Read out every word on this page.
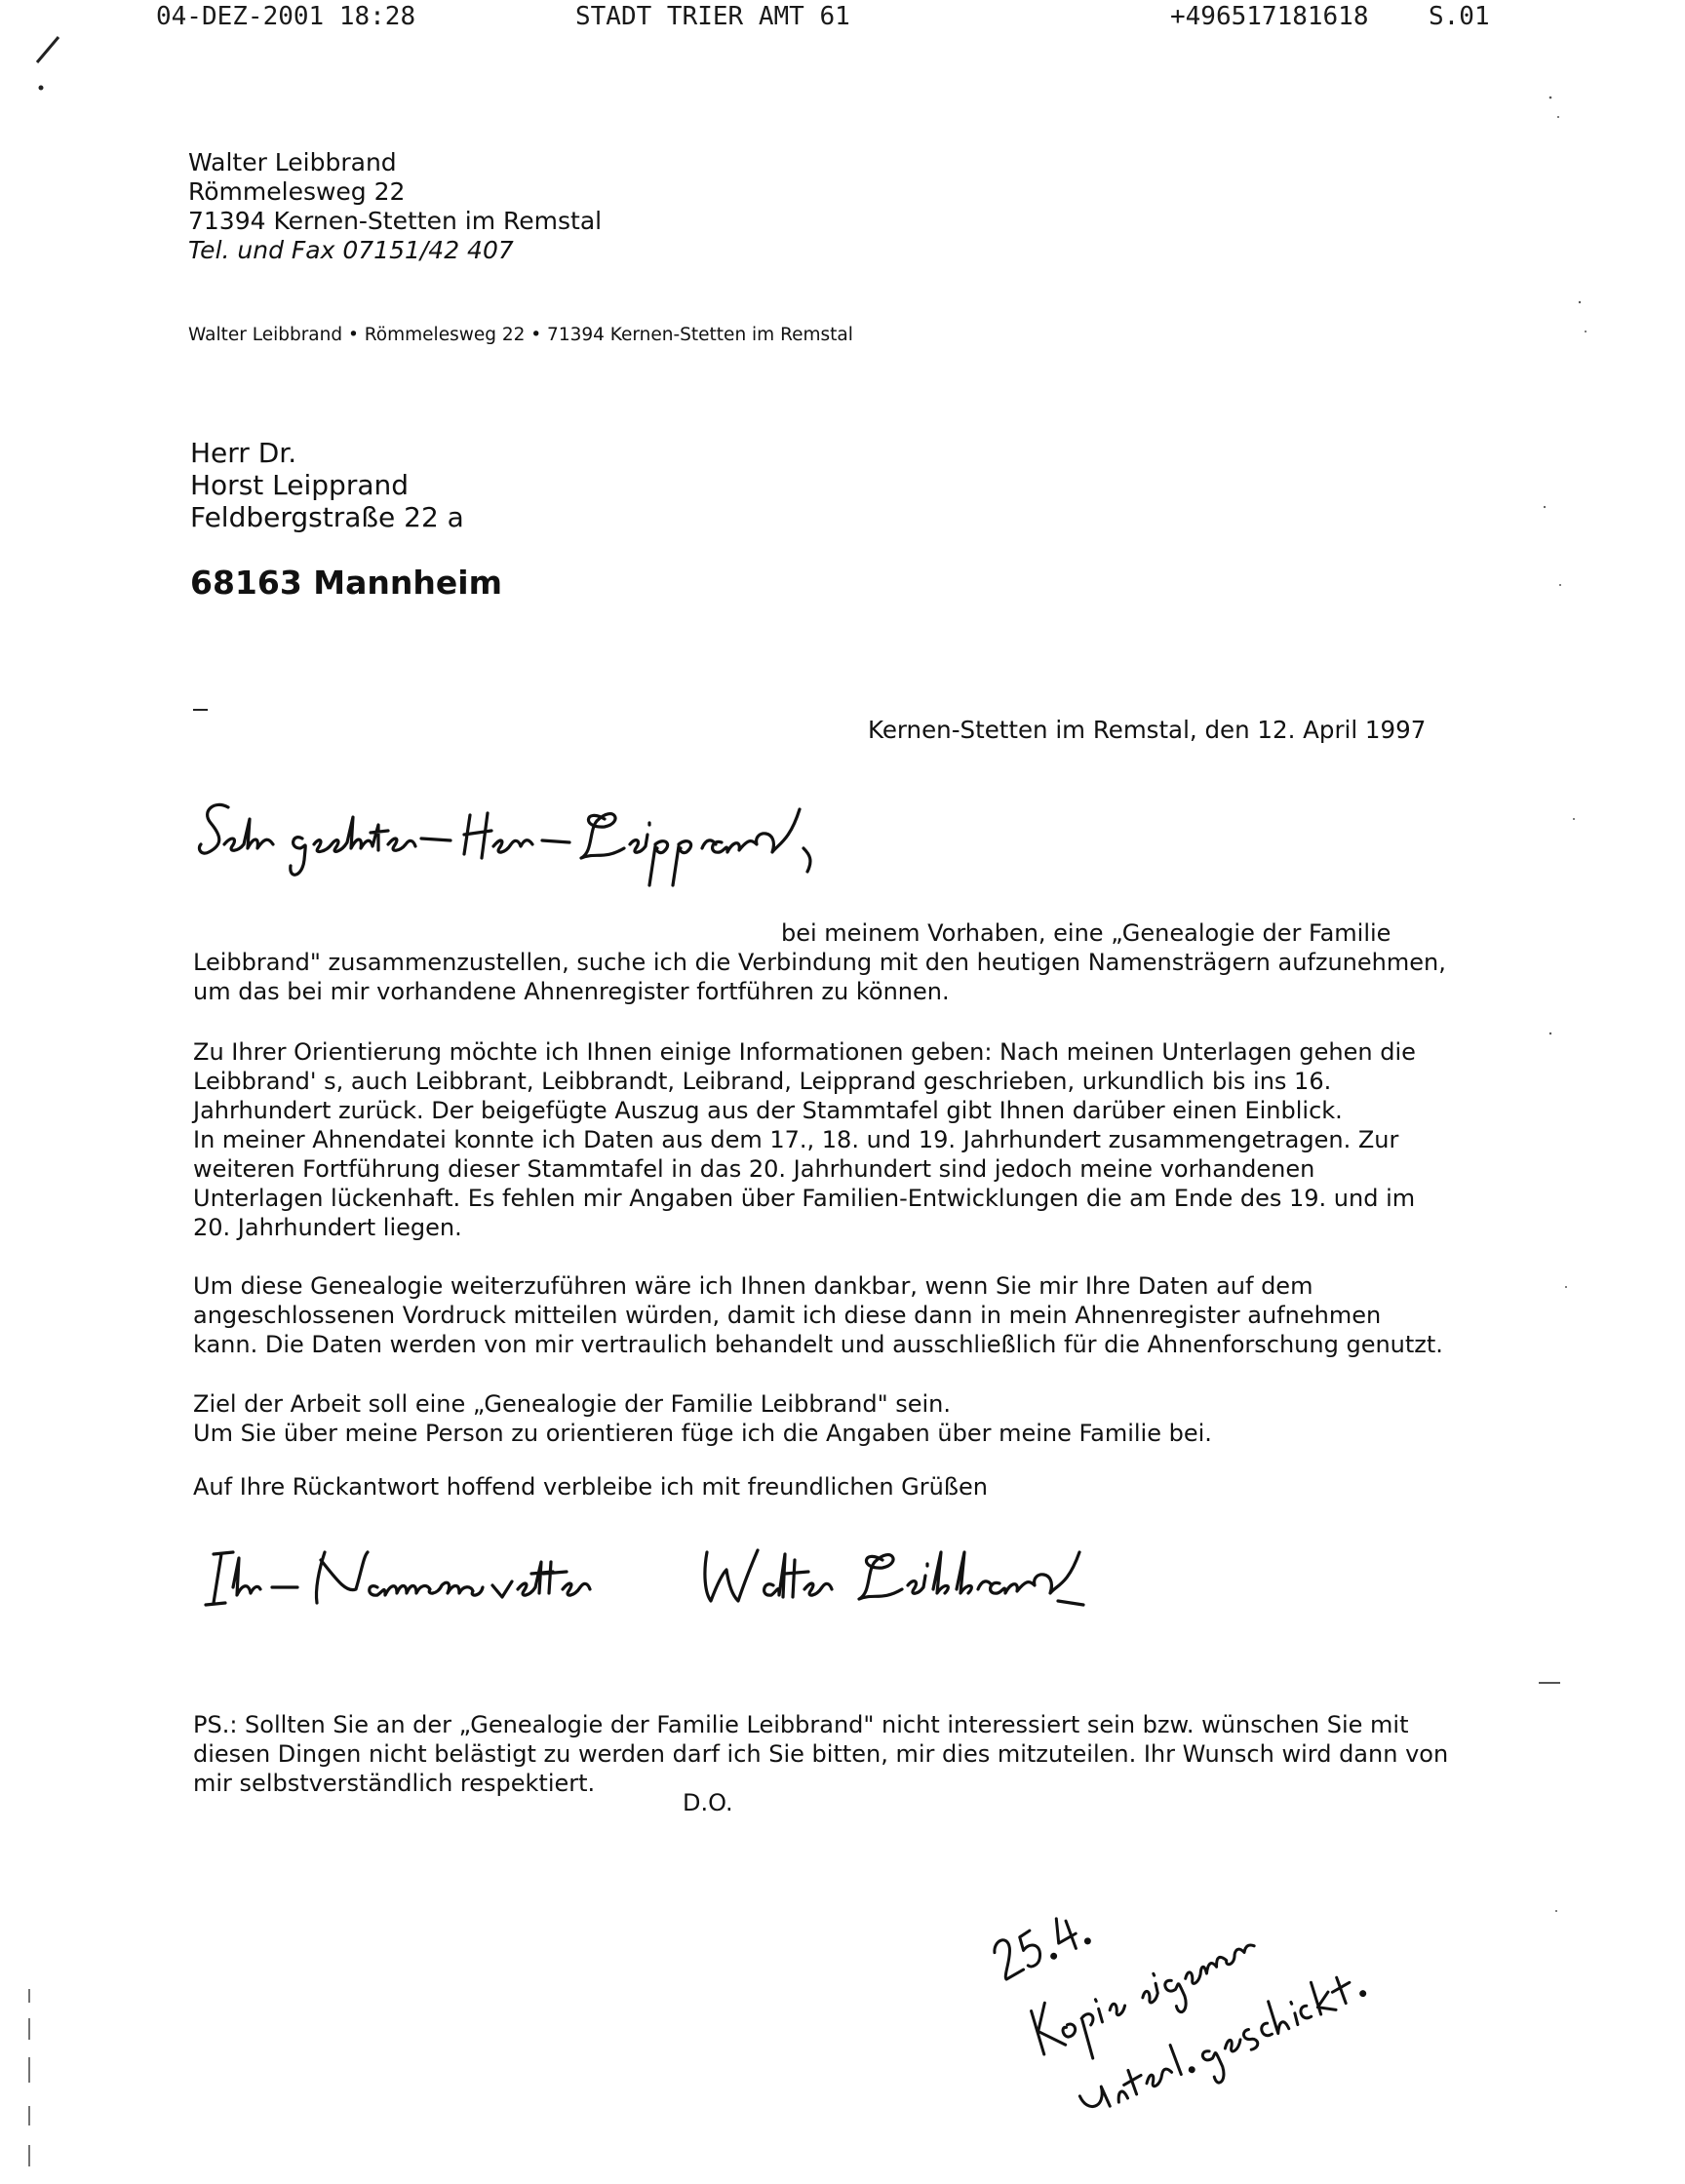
04-DEZ-2001 18:28	STADT TRIER AMT 61	+496517181618 S.01
Walter Leibbrand
Römmelesweg 22
71394 Kernen-Stetten im Remstal
Tel. und Fax 07151/42 407
Walter Leibbrand • Römmelesweg 22 • 71394 Kernen-Stetten im Remstal
Herr Dr.
Horst Leipprand
Feldbergstraße 22 a
68163 Mannheim
Kernen-Stetten im Remstal, den 12. April 1997

bei meinem Vorhaben, eine „Genealogie der Familie

Leibbrand" zusammenzustellen, suche ich die Verbindung mit den heutigen Namensträgern aufzunehmen, um das bei mir vorhandene Ahnenregister fortführen zu können.

Zu Ihrer Orientierung möchte ich Ihnen einige Informationen geben: Nach meinen Unterlagen gehen die Leibbrand' s, auch Leibbrant, Leibbrandt, Leibrand, Leipprand geschrieben, urkundlich bis ins 16. Jahrhundert zurück. Der beigefügte Auszug aus der Stammtafel gibt Ihnen darüber einen Einblick.

In meiner Ahnendatei konnte ich Daten aus dem 17., 18. und 19. Jahrhundert zusammengetragen. Zur weiteren Fortführung dieser Stammtafel in das 20. Jahrhundert sind jedoch meine vorhandenen Unterlagen lückenhaft. Es fehlen mir Angaben über Familien-Entwicklungen die am Ende des 19. und im 20. Jahrhundert liegen.

Um diese Genealogie weiterzuführen wäre ich Ihnen dankbar, wenn Sie mir Ihre Daten auf dem angeschlossenen Vordruck mitteilen würden, damit ich diese dann in mein Ahnenregister aufnehmen kann. Die Daten werden von mir vertraulich behandelt und ausschließlich für die Ahnenforschung genutzt.

Ziel der Arbeit soll eine „Genealogie der Familie Leibbrand" sein.

Um Sie über meine Person zu orientieren füge ich die Angaben über meine Familie bei.

Auf Ihre Rückantwort hoffend verbleibe ich mit freundlichen Grüßen

PS.: Sollten Sie an der „Genealogie der Familie Leibbrand" nicht interessiert sein bzw. wünschen Sie mit diesen Dingen nicht belästigt zu werden darf ich Sie bitten, mir dies mitzuteilen. Ihr Wunsch wird dann von mir selbstverständlich respektiert.

D.O.
